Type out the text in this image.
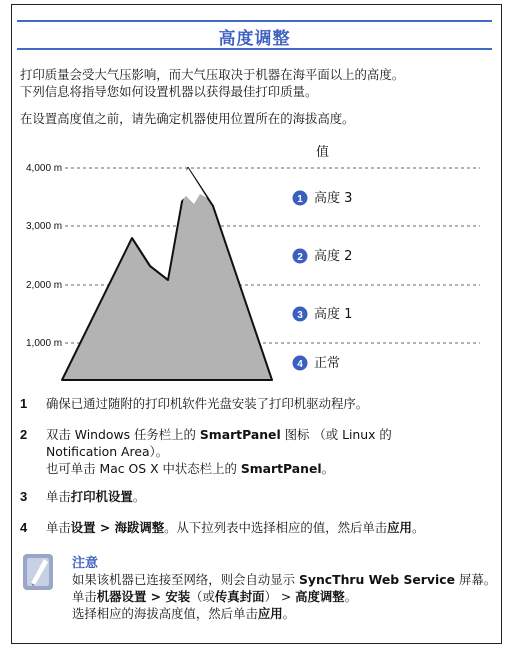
高度调整
打印质量会受大气压影响，而大气压取决于机器在海平面以上的高度。
下列信息将指导您如何设置机器以获得最佳打印质量。
在设置高度值之前，请先确定机器使用位置所在的海拔高度。
4,000 m
3,000 m
2,000 m
1,000 m
值
1 高度 3
2 高度 2
3 高度 1
4 正常
1 确保已通过随附的打印机软件光盘安装了打印机驱动程序。
2 双击 Windows 任务栏上的 SmartPanel 图标 （或 Linux 的
Notification Area）。
也可单击 Mac OS X 中状态栏上的 SmartPanel。
3 单击打印机设置。
4 单击设置 > 海跋调整。从下拉列表中选择相应的值，然后单击应用。
注意
如果该机器已连接至网络，则会自动显示 SyncThru Web Service 屏幕。单击机器设置 > 安装（或传真封面） > 高度调整。
选择相应的海拔高度值，然后单击应用。
